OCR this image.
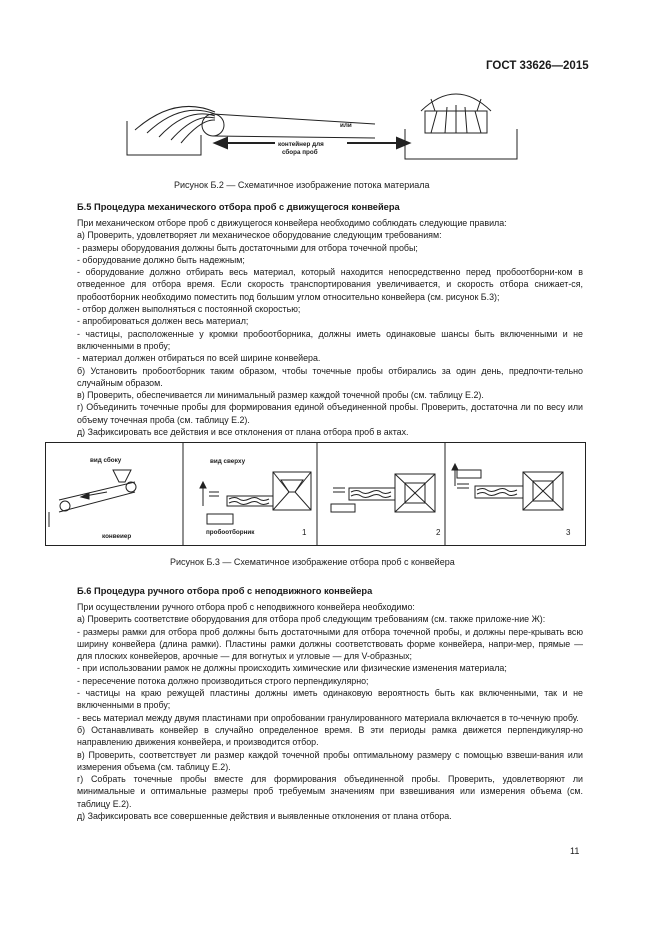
ГОСТ 33626—2015
или
контейнер для
сбора проб
Рисунок Б.2 — Схематичное изображение потока материала
Б.5 Процедура механического отбора проб с движущегося конвейера

При механическом отборе проб с движущегося конвейера необходимо соблюдать следующие правила:

а) Проверить, удовлетворяет ли механическое оборудование следующим требованиям:

- размеры оборудования должны быть достаточными для отбора точечной пробы;

- оборудование должно быть надежным;

- оборудование должно отбирать весь материал, который находится непосредственно перед пробоотборни-ком в отведенное для отбора время. Если скорость транспортирования увеличивается, и скорость отбора снижает-ся, пробоотборник необходимо поместить под большим углом относительно конвейера (см. рисунок Б.3);

- отбор должен выполняться с постоянной скоростью;

- апробироваться должен весь материал;

- частицы, расположенные у кромки пробоотборника, должны иметь одинаковые шансы быть включенными и не включенными в пробу;

- материал должен отбираться по всей ширине конвейера.

б) Установить пробоотборник таким образом, чтобы точечные пробы отбирались за один день, предпочти-тельно случайным образом.

в) Проверить, обеспечивается ли минимальный размер каждой точечной пробы (см. таблицу Е.2).

г) Объединить точечные пробы для формирования единой объединенной пробы. Проверить, достаточна ли по весу или объему точечная проба (см. таблицу Е.2).

д) Зафиксировать все действия и все отклонения от плана отбора проб в актах.

вид сбоку	вид сверху
конвеиер
пробоотборник	1	2	3
Рисунок Б.3 — Схематичное изображение отбора проб с конвейера
Б.6 Процедура ручного отбора проб с неподвижного конвейера

При осуществлении ручного отбора проб с неподвижного конвейера необходимо:

а) Проверить соответствие оборудования для отбора проб следующим требованиям (см. также приложе-ние Ж):

- размеры рамки для отбора проб должны быть достаточными для отбора точечной пробы, и должны пере-крывать всю ширину конвейера (длина рамки). Пластины рамки должны соответствовать форме конвейера, напри-мер, прямые — для плоских конвейеров, арочные — для вогнутых и угловые — для V-образных;

- при использовании рамок не должны происходить химические или физические изменения материала;

- пересечение потока должно производиться строго перпендикулярно;

- частицы на краю режущей пластины должны иметь одинаковую вероятность быть как включенными, так и не включенными в пробу;

- весь материал между двумя пластинами при опробовании гранулированного материала включается в то-чечную пробу.

б) Останавливать конвейер в случайно определенное время. В эти периоды рамка движется перпендикуляр-но направлению движения конвейера, и производится отбор.

в) Проверить, соответствует ли размер каждой точечной пробы оптимальному размеру с помощью взвеши-вания или измерения объема (см. таблицу Е.2).

г) Собрать точечные пробы вместе для формирования объединенной пробы. Проверить, удовлетворяют ли минимальные и оптимальные размеры проб требуемым значениям при взвешивания или измерения объема (см. таблицу Е.2).

д) Зафиксировать все совершенные действия и выявленные отклонения от плана отбора.

11
